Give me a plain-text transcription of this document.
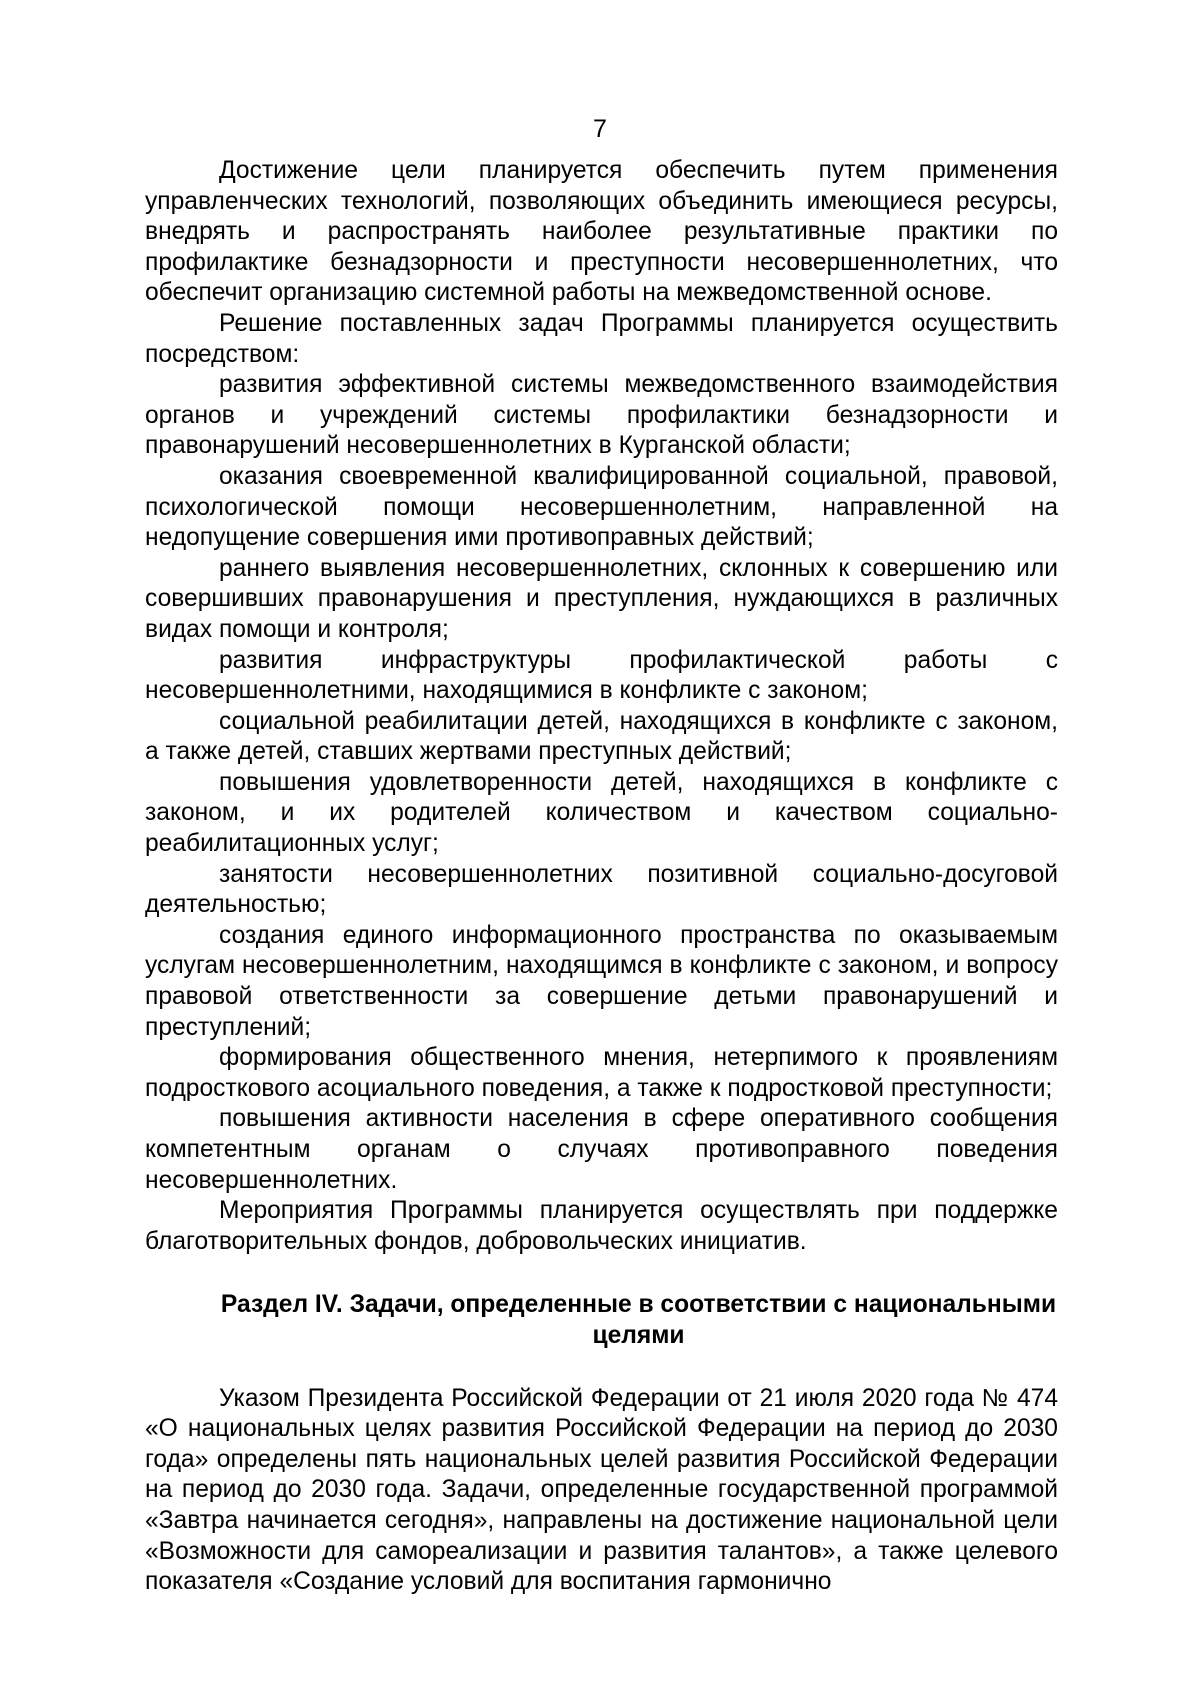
7

Достижение цели планируется обеспечить путем применения управленческих технологий, позволяющих объединить имеющиеся ресурсы, внедрять и распространять наиболее результативные практики по профилактике безнадзорности и преступности несовершеннолетних, что обеспечит организацию системной работы на межведомственной основе.

Решение поставленных задач Программы планируется осуществить посредством:

развития эффективной системы межведомственного взаимодействия органов и учреждений системы профилактики безнадзорности и правонарушений несовершеннолетних в Курганской области;

оказания своевременной квалифицированной социальной, правовой, психологической помощи несовершеннолетним, направленной на недопущение совершения ими противоправных действий;

раннего выявления несовершеннолетних, склонных к совершению или совершивших правонарушения и преступления, нуждающихся в различных видах помощи и контроля;

развития инфраструктуры профилактической работы с несовершеннолетними, находящимися в конфликте с законом;

социальной реабилитации детей, находящихся в конфликте с законом, а также детей, ставших жертвами преступных действий;

повышения удовлетворенности детей, находящихся в конфликте с законом, и их родителей количеством и качеством социально-реабилитационных услуг;

занятости несовершеннолетних позитивной социально-досуговой деятельностью;

создания единого информационного пространства по оказываемым услугам несовершеннолетним, находящимся в конфликте с законом, и вопросу правовой ответственности за совершение детьми правонарушений и преступлений;

формирования общественного мнения, нетерпимого к проявлениям подросткового асоциального поведения, а также к подростковой преступности;

повышения активности населения в сфере оперативного сообщения компетентным органам о случаях противоправного поведения несовершеннолетних.

Мероприятия Программы планируется осуществлять при поддержке благотворительных фондов, добровольческих инициатив.

Раздел IV. Задачи, определенные в соответствии с национальными целями

Указом Президента Российской Федерации от 21 июля 2020 года № 474 «О национальных целях развития Российской Федерации на период до 2030 года» определены пять национальных целей развития Российской Федерации на период до 2030 года. Задачи, определенные государственной программой «Завтра начинается сегодня», направлены на достижение национальной цели «Возможности для самореализации и развития талантов», а также целевого показателя «Создание условий для воспитания гармонично
